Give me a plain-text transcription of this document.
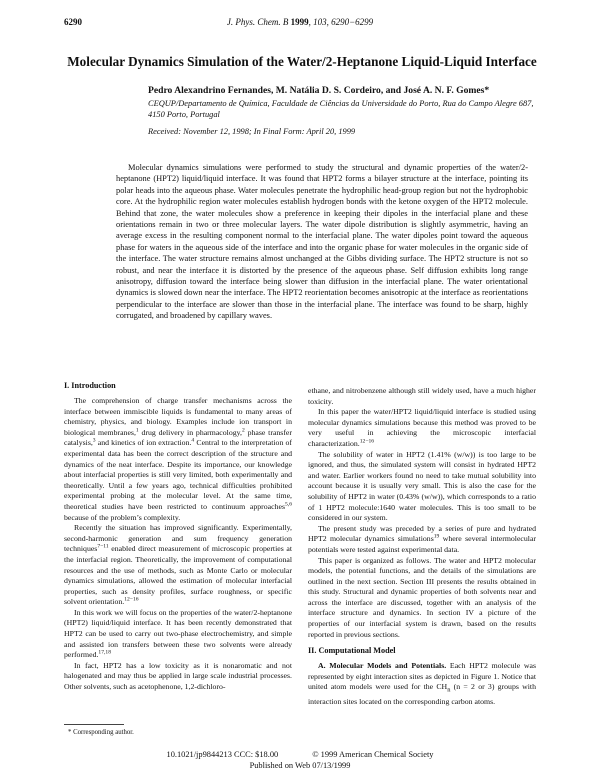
6290	J. Phys. Chem. B 1999, 103, 6290−6299
Molecular Dynamics Simulation of the Water/2-Heptanone Liquid-Liquid Interface
Pedro Alexandrino Fernandes, M. Natália D. S. Cordeiro, and José A. N. F. Gomes*
CEQUP/Departamento de Química, Faculdade de Ciências da Universidade do Porto, Rua do Campo Alegre 687, 4150 Porto, Portugal
Received: November 12, 1998; In Final Form: April 20, 1999
Molecular dynamics simulations were performed to study the structural and dynamic properties of the water/2-heptanone (HPT2) liquid/liquid interface. It was found that HPT2 forms a bilayer structure at the interface, pointing its polar heads into the aqueous phase. Water molecules penetrate the hydrophilic head-group region but not the hydrophobic core. At the hydrophilic region water molecules establish hydrogen bonds with the ketone oxygen of the HPT2 molecule. Behind that zone, the water molecules show a preference in keeping their dipoles in the interfacial plane and these orientations remain in two or three molecular layers. The water dipole distribution is slightly asymmetric, having an average excess in the resulting component normal to the interfacial plane. The water dipoles point toward the aqueous phase for waters in the aqueous side of the interface and into the organic phase for water molecules in the organic side of the interface. The water structure remains almost unchanged at the Gibbs dividing surface. The HPT2 structure is not so robust, and near the interface it is distorted by the presence of the aqueous phase. Self diffusion exhibits long range anisotropy, diffusion toward the interface being slower than diffusion in the interfacial plane. The water orientational dynamics is slowed down near the interface. The HPT2 reorientation becomes anisotropic at the interface as reorientations perpendicular to the interface are slower than those in the interfacial plane. The interface was found to be sharp, highly corrugated, and broadened by capillary waves.
I. Introduction

The comprehension of charge transfer mechanisms across the interface between immiscible liquids is fundamental to many areas of chemistry, physics, and biology. Examples include ion transport in biological membranes,$^1$ drug delivery in pharmacology,$^2$ phase transfer catalysis,$^3$ and kinetics of ion extraction.$^4$ Central to the interpretation of experimental data has been the correct description of the structure and dynamics of the neat interface. Despite its importance, our knowledge about interfacial properties is still very limited, both experimentally and theoretically. Until a few years ago, technical difficulties prohibited experimental probing at the molecular level. At the same time, theoretical studies have been restricted to continuum approaches$^{5,6}$ because of the problem’s complexity.

Recently the situation has improved significantly. Experimentally, second-harmonic generation and sum frequency generation techniques$^{7-11}$ enabled direct measurement of microscopic properties at the interfacial region. Theoretically, the improvement of computational resources and the use of methods, such as Monte Carlo or molecular dynamics simulations, allowed the estimation of molecular interfacial properties, such as density profiles, surface roughness, or specific solvent orientation.$^{12-16}$

In this work we will focus on the properties of the water/2-heptanone (HPT2) liquid/liquid interface. It has been recently demonstrated that HPT2 can be used to carry out two-phase electrochemistry, and simple and assisted ion transfers between these two solvents were already performed.$^{17,18}$

In fact, HPT2 has a low toxicity as it is nonaromatic and not halogenated and may thus be applied in large scale industrial processes. Other solvents, such as acetophenone, 1,2-dichloro-

ethane, and nitrobenzene although still widely used, have a much higher toxicity.

In this paper the water/HPT2 liquid/liquid interface is studied using molecular dynamics simulations because this method was proved to be very useful in achieving the microscopic interfacial characterization.$^{12-16}$

The solubility of water in HPT2 (1.41% (w/w)) is too large to be ignored, and thus, the simulated system will consist in hydrated HPT2 and water. Earlier workers found no need to take mutual solubility into account because it is usually very small. This is also the case for the solubility of HPT2 in water (0.43% (w/w)), which corresponds to a ratio of 1 HPT2 molecule:1640 water molecules. This is too small to be considered in our system.

The present study was preceded by a series of pure and hydrated HPT2 molecular dynamics simulations$^{19}$ where several intermolecular potentials were tested against experimental data.

This paper is organized as follows. The water and HPT2 molecular models, the potential functions, and the details of the simulations are outlined in the next section. Section III presents the results obtained in this study. Structural and dynamic properties of both solvents near and across the interface are discussed, together with an analysis of the interface structure and dynamics. In section IV a picture of the properties of our interfacial system is drawn, based on the results reported in previous sections.

II. Computational Model

A. Molecular Models and Potentials. Each HPT2 molecule was represented by eight interaction sites as depicted in Figure 1. Notice that united atom models were used for the $CH_n$ (n = 2 or 3) groups with interaction sites located on the corresponding carbon atoms.

* Corresponding author.
10.1021/jp9844213 CCC: $18.00	© 1999 American Chemical Society
Published on Web 07/13/1999
